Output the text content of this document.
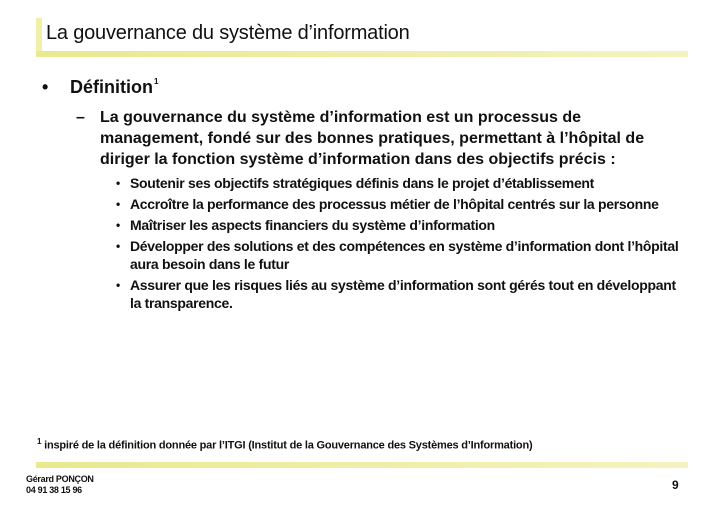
La gouvernance du système d’information
•	Définition$^1$
– La gouvernance du système d’information est un processus de management, fondé sur des bonnes pratiques, permettant à l’hôpital de diriger la fonction système d’information dans des objectifs précis :
• Soutenir ses objectifs stratégiques définis dans le projet d’établissement
• Accroître la performance des processus métier de l’hôpital centrés sur la personne
• Maîtriser les aspects financiers du système d’information
• Développer des solutions et des compétences en système d’information dont l’hôpital aura besoin dans le futur
• Assurer que les risques liés au système d’information sont gérés tout en développant la transparence.
$^1$ inspiré de la définition donnée par l’ITGI (Institut de la Gouvernance des Systèmes d’Information)
Gérard PONÇON
04 91 38 15 96	9
